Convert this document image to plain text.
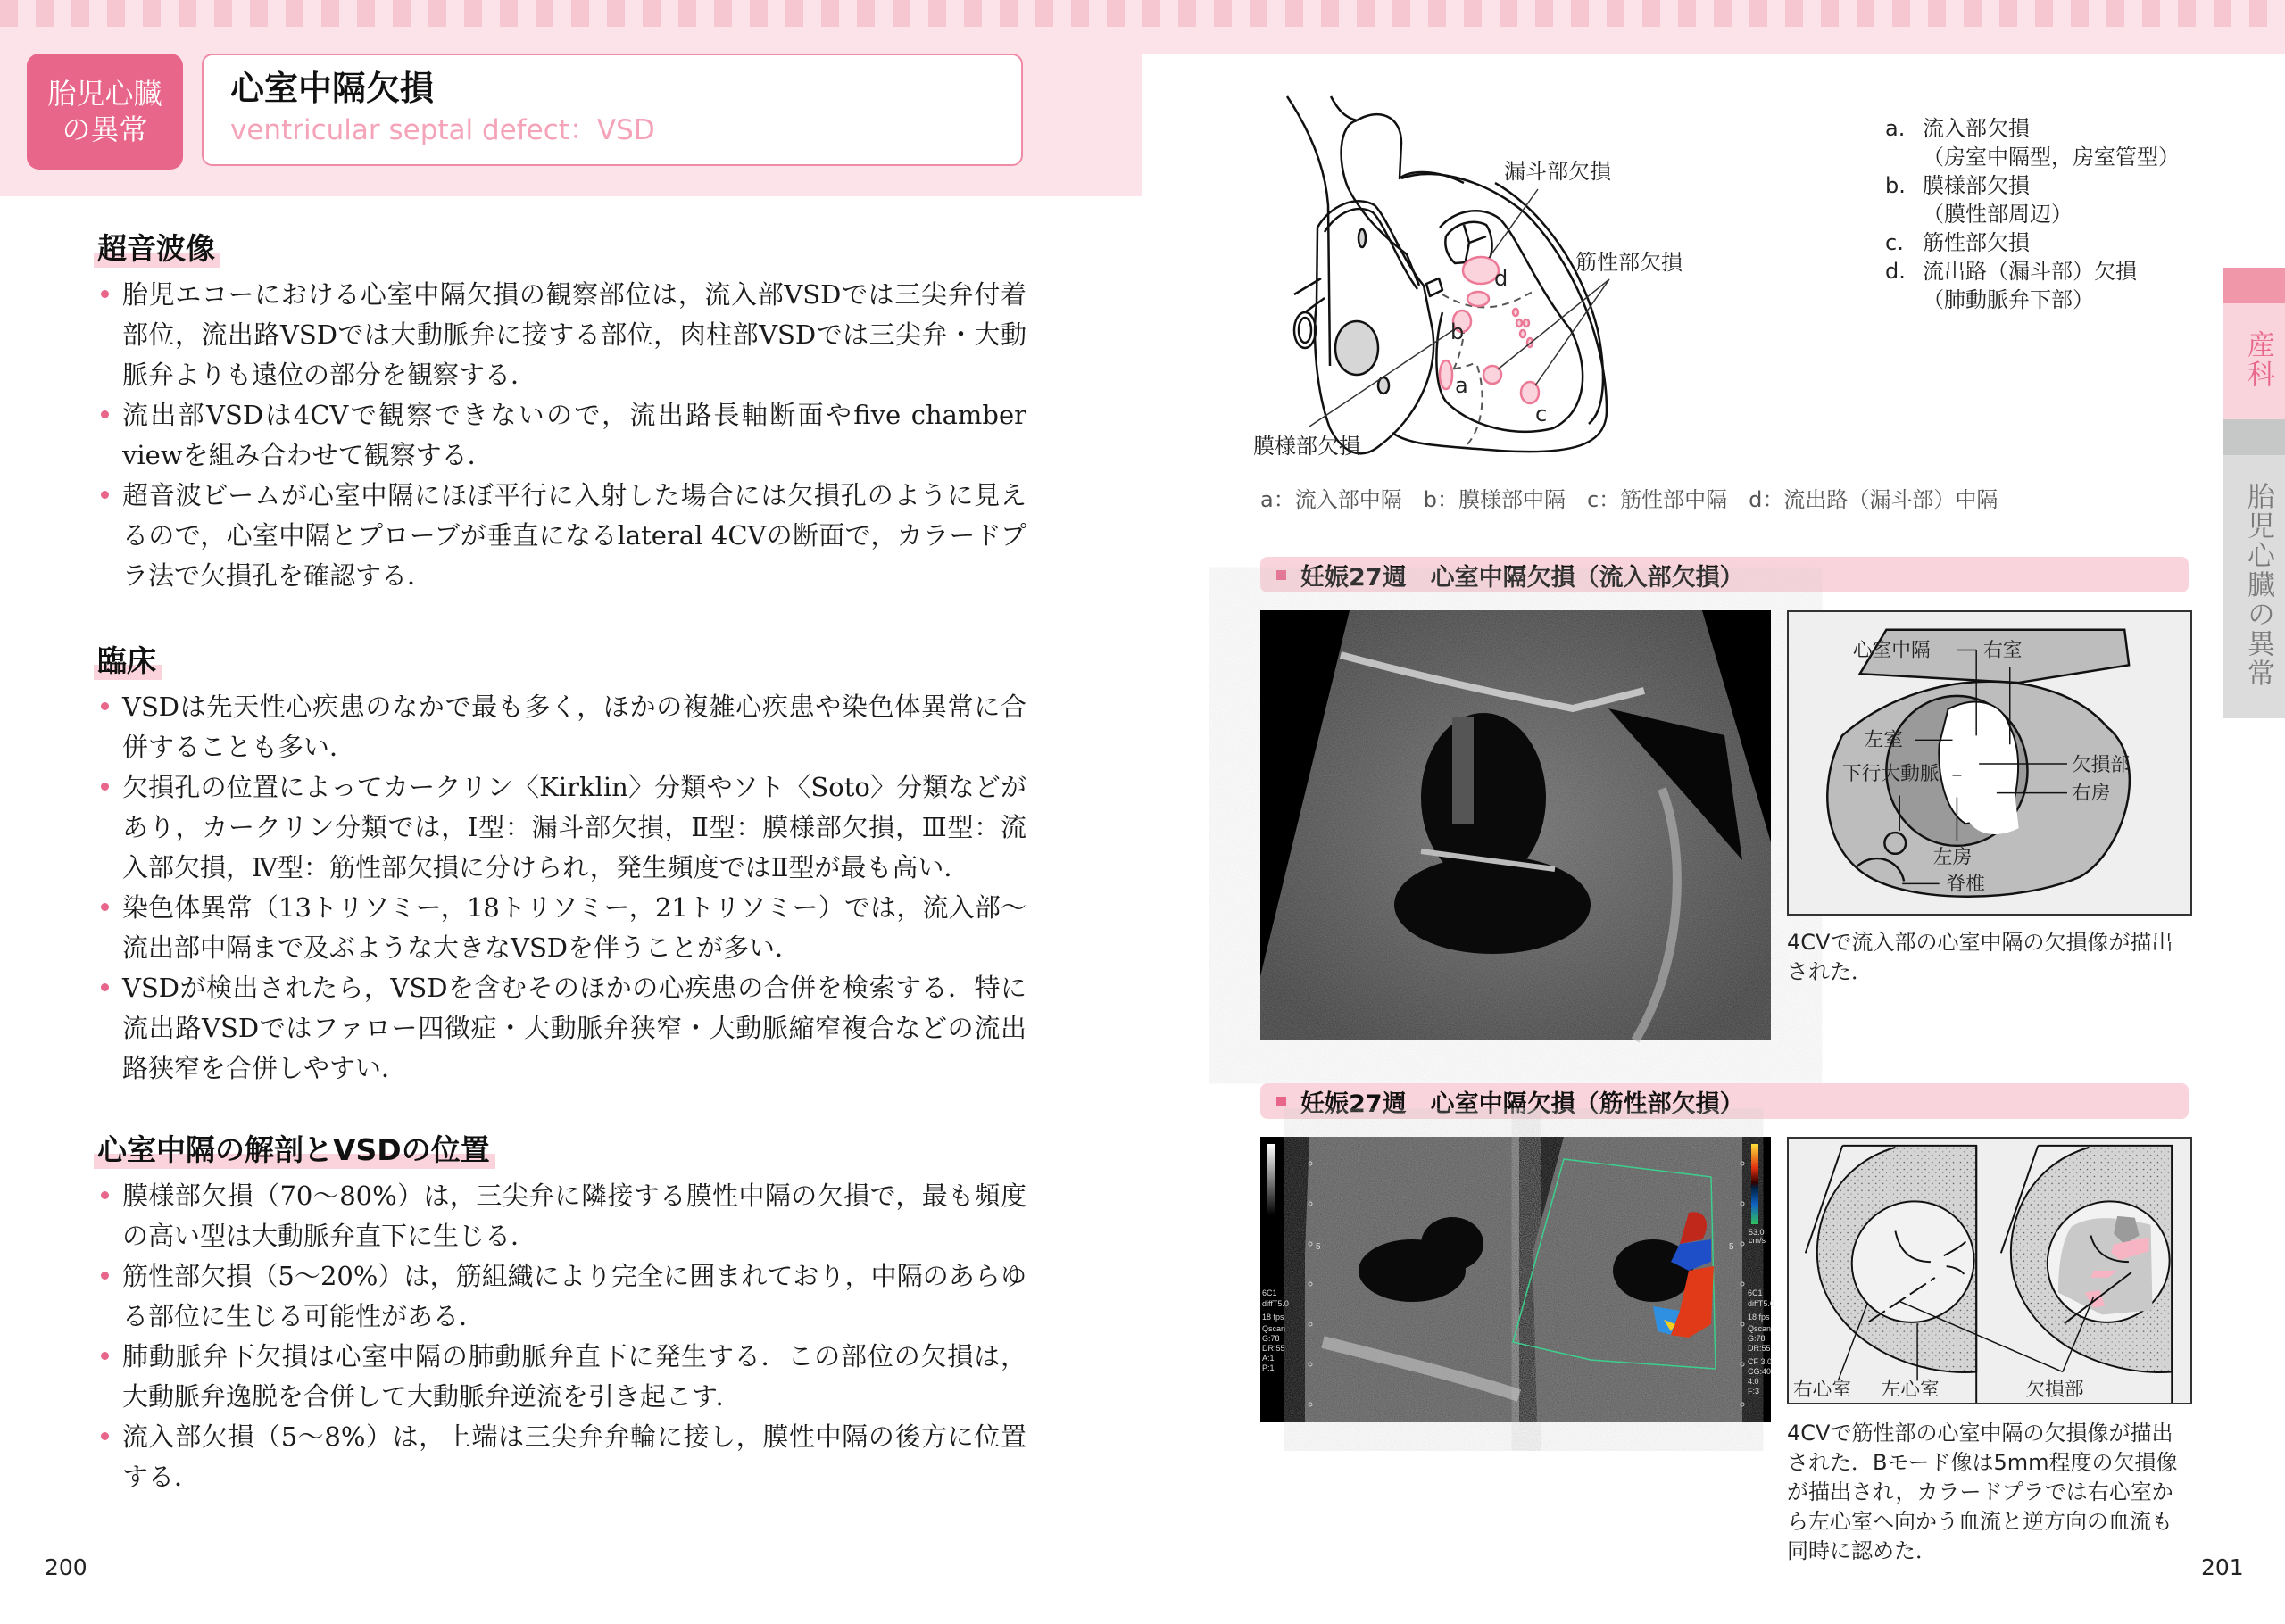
胎児心臓
の異常
心室中隔欠損
ventricular septal defect：VSD
超音波像
胎児エコーにおける心室中隔欠損の観察部位は，流入部VSDでは三尖弁付着部位，流出路VSDでは大動脈弁に接する部位，肉柱部VSDでは三尖弁・大動脈弁よりも遠位の部分を観察する．
流出部VSDは4CVで観察できないので，流出路長軸断面やfive chamber viewを組み合わせて観察する．
超音波ビームが心室中隔にほぼ平行に入射した場合には欠損孔のように見えるので，心室中隔とプローブが垂直になるlateral 4CVの断面で，カラードプラ法で欠損孔を確認する．
臨床
VSDは先天性心疾患のなかで最も多く，ほかの複雑心疾患や染色体異常に合併することも多い．
欠損孔の位置によってカークリン〈Kirklin〉分類やソト〈Soto〉分類などがあり，カークリン分類では，Ⅰ型：漏斗部欠損，Ⅱ型：膜様部欠損，Ⅲ型：流入部欠損，Ⅳ型：筋性部欠損に分けられ，発生頻度ではⅡ型が最も高い．
染色体異常（13トリソミー，18トリソミー，21トリソミー）では，流入部〜流出部中隔まで及ぶような大きなVSDを伴うことが多い．
VSDが検出されたら，VSDを含むそのほかの心疾患の合併を検索する．特に流出路VSDではファロー四徴症・大動脈弁狭窄・大動脈縮窄複合などの流出路狭窄を合併しやすい．
心室中隔の解剖とVSDの位置
膜様部欠損（70〜80%）は，三尖弁に隣接する膜性中隔の欠損で，最も頻度の高い型は大動脈弁直下に生じる．
筋性部欠損（5〜20%）は，筋組織により完全に囲まれており，中隔のあらゆる部位に生じる可能性がある．
肺動脈弁下欠損は心室中隔の肺動脈弁直下に発生する．この部位の欠損は，大動脈弁逸脱を合併して大動脈弁逆流を引き起こす．
流入部欠損（5〜8%）は，上端は三尖弁弁輪に接し，膜性中隔の後方に位置する．
200
漏斗部欠損
筋性部欠損
膜様部欠損
d
b
a
c
a. 流入部欠損
（房室中隔型，房室管型）
b. 膜様部欠損
（膜性部周辺）
c. 筋性部欠損
d. 流出路（漏斗部）欠損
（肺動脈弁下部）
a：流入部中隔　b：膜様部中隔　c：筋性部中隔　d：流出路（漏斗部）中隔
産科
胎児心臓の異常
妊娠27週　心室中隔欠損（流入部欠損）
心室中隔	右室
左室
下行大動脈	欠損部
右房
左房
脊椎
4CVで流入部の心室中隔の欠損像が描出された．
妊娠27週　心室中隔欠損（筋性部欠損）
5	5
53.0
cm/s
6C1
diffT5.0
18 fps
Qscan
G:78
DR:55
A:1
P:1
6C1
diffT5.0
18 fps
Qscan
G:78
DR:55
CF 3.0
CG:40
4.0
F:3 右心室 左心室	欠損部
4CVで筋性部の心室中隔の欠損像が描出された．Bモード像は5mm程度の欠損像が描出され，カラードプラでは右心室から左心室へ向かう血流と逆方向の血流も同時に認めた．
201
